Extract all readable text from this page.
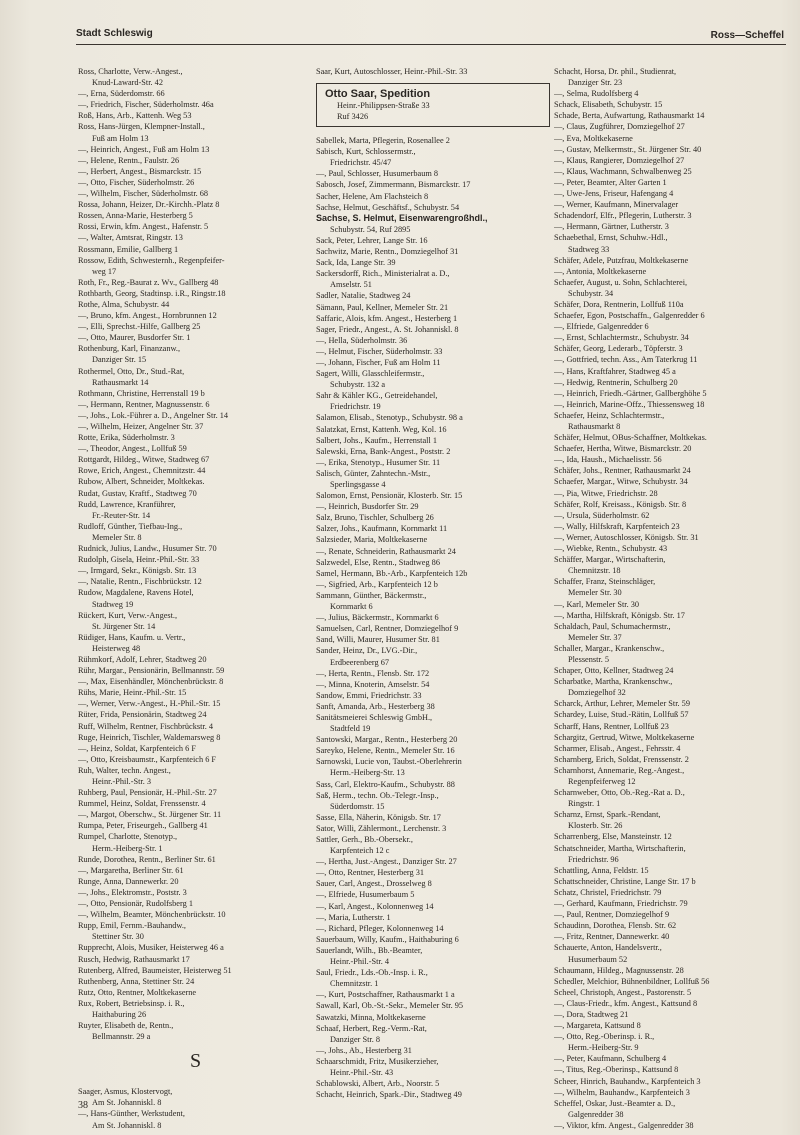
Stadt Schleswig	Ross—Scheffel
Ross, Charlotte, Verw.-Angest.,
Knud-Laward-Str. 42
—, Erna, Süderdomstr. 66
—, Friedrich, Fischer, Süderholmstr. 46a
Roß, Hans, Arb., Kattenh. Weg 53
Ross, Hans-Jürgen, Klempner-Install.,
Fuß am Holm 13
—, Heinrich, Angest., Fuß am Holm 13
—, Helene, Rentn., Faulstr. 26
—, Herbert, Angest., Bismarckstr. 15
—, Otto, Fischer, Süderholmstr. 26
—, Wilhelm, Fischer, Süderholmstr. 68
Rossa, Johann, Heizer, Dr.-Kirchh.-Platz 8
Rossen, Anna-Marie, Hesterberg 5
Rossi, Erwin, kfm. Angest., Hafenstr. 5
—, Walter, Amtsrat, Ringstr. 13
Rossmann, Emilie, Gallberg 1
Rossow, Edith, Schwesternh., Regenpfeifer-
weg 17
Roth, Fr., Reg.-Baurat z. Wv., Gallberg 48
Rothbarth, Georg, Stadtinsp. i.R., Ringstr.18
Rothe, Alma, Schubystr. 44
—, Bruno, kfm. Angest., Hornbrunnen 12
—, Elli, Sprechst.-Hilfe, Gallberg 25
—, Otto, Maurer, Busdorfer Str. 1
Rothenburg, Karl, Finanzanw.,
Danziger Str. 15
Rothermel, Otto, Dr., Stud.-Rat,
Rathausmarkt 14
Rothmann, Christine, Herrenstall 19 b
—, Hermann, Rentner, Magnussenstr. 6
—, Johs., Lok.-Führer a. D., Angelner Str. 14
—, Wilhelm, Heizer, Angelner Str. 37
Rotte, Erika, Süderholmstr. 3
—, Theodor, Angest., Lollfuß 59
Rottgardt, Hildeg., Witwe, Stadtweg 67
Rowe, Erich, Angest., Chemnitzstr. 44
Rubow, Albert, Schneider, Moltkekas.
Rudat, Gustav, Kraftf., Stadtweg 70
Rudd, Lawrence, Kranführer,
Fr.-Reuter-Str. 14
Rudloff, Günther, Tiefbau-Ing.,
Memeler Str. 8
Rudnick, Julius, Landw., Husumer Str. 70
Rudolph, Gisela, Heinr.-Phil.-Str. 33
—, Irmgard, Sekr., Königsb. Str. 13
—, Natalie, Rentn., Fischbrückstr. 12
Rudow, Magdalene, Ravens Hotel,
Stadtweg 19
Rückert, Kurt, Verw.-Angest.,
St. Jürgener Str. 14
Rüdiger, Hans, Kaufm. u. Vertr.,
Heisterweg 48
Rühmkorf, Adolf, Lehrer, Stadtweg 20
Rühr, Margar., Pensionärin, Bellmannstr. 59
—, Max, Eisenhändler, Mönchenbrückstr. 8
Rühs, Marie, Heinr.-Phil.-Str. 15
—, Werner, Verw.-Angest., H.-Phil.-Str. 15
Rüter, Frida, Pensionärin, Stadtweg 24
Ruff, Wilhelm, Rentner, Fischbrückstr. 4
Ruge, Heinrich, Tischler, Waldemarsweg 8
—, Heinz, Soldat, Karpfenteich 6 F
—, Otto, Kreisbaumstr., Karpfenteich 6 F
Ruh, Walter, techn. Angest.,
Heinr.-Phil.-Str. 3
Ruhberg, Paul, Pensionär, H.-Phil.-Str. 27
Rummel, Heinz, Soldat, Frenssenstr. 4
—, Margot, Oberschw., St. Jürgener Str. 11
Rumpa, Peter, Friseurgeh., Gallberg 41
Rumpel, Charlotte, Stenotyp.,
Herm.-Heiberg-Str. 1
Runde, Dorothea, Rentn., Berliner Str. 61
—, Margaretha, Berliner Str. 61
Runge, Anna, Dannewerkr. 20
—, Johs., Elektromstr., Poststr. 3
—, Otto, Pensionär, Rudolfsberg 1
—, Wilhelm, Beamter, Mönchenbrückstr. 10
Rupp, Emil, Fernm.-Bauhandw.,
Stettiner Str. 30
Rupprecht, Alois, Musiker, Heisterweg 46 a
Rusch, Hedwig, Rathausmarkt 17
Rutenberg, Alfred, Baumeister, Heisterweg 51
Ruthenberg, Anna, Stettiner Str. 24
Rutz, Otto, Rentner, Moltkekaserne
Rux, Robert, Betriebsinsp. i. R.,
Haithaburing 26
Ruyter, Elisabeth de, Rentn.,
Bellmannstr. 29 a
S
Saager, Asmus, Klostervogt,
Am St. Johanniskl. 8
—, Hans-Günther, Werkstudent,
Am St. Johanniskl. 8
Saar, Kurt, Autoschlosser, Heinr.-Phil.-Str. 33
Otto Saar, Spedition
Heinr.-Philippsen-Straße 33
Ruf 3426
Sabellek, Marta, Pflegerin, Rosenallee 2
Sabisch, Kurt, Schlossermstr.,
Friedrichstr. 45/47
—, Paul, Schlosser, Husumerbaum 8
Sabosch, Josef, Zimmermann, Bismarckstr. 17
Sacher, Helene, Am Flachsteich 8
Sachse, Helmut, Geschäftsf., Schubystr. 54
Sachse, S. Helmut, Eisenwarengroßhdl.,
Schubystr. 54, Ruf 2895
Sack, Peter, Lehrer, Lange Str. 16
Sachwitz, Marie, Rentn., Domziegelhof 31
Sack, Ida, Lange Str. 39
Sackersdorff, Rich., Ministerialrat a. D.,
Amselstr. 51
Sadler, Natalie, Stadtweg 24
Sämann, Paul, Kellner, Memeler Str. 21
Saffaric, Alois, kfm. Angest., Hesterberg 1
Sager, Friedr., Angest., A. St. Johanniskl. 8
—, Hella, Süderholmstr. 36
—, Helmut, Fischer, Süderholmstr. 33
—, Johann, Fischer, Fuß am Holm 11
Sagert, Willi, Glasschleifermstr.,
Schubystr. 132 a
Sahr & Kähler KG., Getreidehandel,
Friedrichstr. 19
Salamon, Elisab., Stenotyp., Schubystr. 98 a
Salatzkat, Ernst, Kattenh. Weg, Kol. 16
Salbert, Johs., Kaufm., Herrenstall 1
Salewski, Erna, Bank-Angest., Poststr. 2
—, Erika, Stenotyp., Husumer Str. 11
Salisch, Günter, Zahntechn.-Mstr.,
Sperlingsgasse 4
Salomon, Ernst, Pensionär, Klosterb. Str. 15
—, Heinrich, Busdorfer Str. 29
Salz, Bruno, Tischler, Schulberg 26
Salzer, Johs., Kaufmann, Kornmarkt 11
Salzsieder, Maria, Moltkekaserne
—, Renate, Schneiderin, Rathausmarkt 24
Salzwedel, Else, Rentn., Stadtweg 86
Samel, Hermann, Bb.-Arb., Karpfenteich 12b
—, Sigfried, Arb., Karpfenteich 12 b
Sammann, Günther, Bäckermstr.,
Kornmarkt 6
—, Julius, Bäckermstr., Kornmarkt 6
Samuelsen, Carl, Rentner, Domziegelhof 9
Sand, Willi, Maurer, Husumer Str. 81
Sander, Heinz, Dr., LVG.-Dir.,
Erdbeerenberg 67
—, Herta, Rentn., Flensb. Str. 172
—, Minna, Knoterin, Amselstr. 54
Sandow, Emmi, Friedrichstr. 33
Sanft, Amanda, Arb., Hesterberg 38
Sanitätsmeierei Schleswig GmbH.,
Stadtfeld 19
Santowski, Margar., Rentn., Hesterberg 20
Sareyko, Helene, Rentn., Memeler Str. 16
Sarnowski, Lucie von, Taubst.-Oberlehrerin
Herm.-Heiberg-Str. 13
Sass, Carl, Elektro-Kaufm., Schubystr. 88
Saß, Herm., techn. Ob.-Telegr.-Insp.,
Süderdomstr. 15
Sasse, Ella, Näherin, Königsb. Str. 17
Sator, Willi, Zählermont., Lerchenstr. 3
Sattler, Gerh., Bb.-Obersekr.,
Karpfenteich 12 c
—, Hertha, Just.-Angest., Danziger Str. 27
—, Otto, Rentner, Hesterberg 31
Sauer, Carl, Angest., Drosselweg 8
—, Elfriede, Husumerbaum 5
—, Karl, Angest., Kolonnenweg 14
—, Maria, Lutherstr. 1
—, Richard, Pfleger, Kolonnenweg 14
Sauerbaum, Willy, Kaufm., Haithaburing 6
Sauerlandt, Wilh., Bb.-Beamter,
Heinr.-Phil.-Str. 4
Saul, Friedr., Lds.-Ob.-Insp. i. R.,
Chemnitzstr. 1
—, Kurt, Postschaffner, Rathausmarkt 1 a
Sawall, Karl, Ob.-St.-Sekr., Memeler Str. 95
Sawatzki, Minna, Moltkekaserne
Schaaf, Herbert, Reg.-Verm.-Rat,
Danziger Str. 8
—, Johs., Ab., Hesterberg 31
Schaarschmidt, Fritz, Musikerzieher,
Heinr.-Phil.-Str. 43
Schablowski, Albert, Arb., Noorstr. 5
Schacht, Heinrich, Spark.-Dir., Stadtweg 49
Schacht, Horsa, Dr. phil., Studienrat,
Danziger Str. 23
—, Selma, Rudolfsberg 4
Schack, Elisabeth, Schubystr. 15
Schade, Berta, Aufwartung, Rathausmarkt 14
—, Claus, Zugführer, Domziegelhof 27
—, Eva, Moltkekaserne
—, Gustav, Melkermstr., St. Jürgener Str. 40
—, Klaus, Rangierer, Domziegelhof 27
—, Klaus, Wachmann, Schwalbenweg 25
—, Peter, Beamter, Alter Garten 1
—, Uwe-Jens, Friseur, Hafengang 4
—, Werner, Kaufmann, Minervalager
Schadendorf, Elfr., Pflegerin, Lutherstr. 3
—, Hermann, Gärtner, Lutherstr. 3
Schaebethal, Ernst, Schuhw.-Hdl.,
Stadtweg 33
Schäfer, Adele, Putzfrau, Moltkekaserne
—, Antonia, Moltkekaserne
Schaefer, August, u. Sohn, Schlachterei,
Schubystr. 34
Schäfer, Dora, Rentnerin, Lollfuß 110a
Schaefer, Egon, Postschaffn., Galgenredder 6
—, Elfriede, Galgenredder 6
—, Ernst, Schlachtermstr., Schubystr. 34
Schäfer, Georg, Lederarb., Töpferstr. 3
—, Gottfried, techn. Ass., Am Taterkrug 11
—, Hans, Kraftfahrer, Stadtweg 45 a
—, Hedwig, Rentnerin, Schulberg 20
—, Heinrich, Friedh.-Gärtner, Gallberghöhe 5
—, Heinrich, Marine-Offz., Thiessensweg 18
Schaefer, Heinz, Schlachtermstr.,
Rathausmarkt 8
Schäfer, Helmut, OBus-Schaffner, Moltkekas.
Schaefer, Hertha, Witwe, Bismarckstr. 20
—, Ida, Haush., Michaelisstr. 56
Schäfer, Johs., Rentner, Rathausmarkt 24
Schaefer, Margar., Witwe, Schubystr. 34
—, Pia, Witwe, Friedrichstr. 28
Schäfer, Rolf, Kreisass., Königsb. Str. 8
—, Ursula, Süderholmstr. 62
—, Wally, Hilfskraft, Karpfenteich 23
—, Werner, Autoschlosser, Königsb. Str. 31
—, Wiebke, Rentn., Schubystr. 43
Schäffer, Margar., Wirtschafterin,
Chemnitzstr. 18
Schaffer, Franz, Steinschläger,
Memeler Str. 30
—, Karl, Memeler Str. 30
—, Martha, Hilfskraft, Königsb. Str. 17
Schaldach, Paul, Schumachermstr.,
Memeler Str. 37
Schaller, Margar., Krankenschw.,
Plessenstr. 5
Schaper, Otto, Kellner, Stadtweg 24
Scharbatke, Martha, Krankenschw.,
Domziegelhof 32
Scharck, Arthur, Lehrer, Memeler Str. 59
Schardey, Luise, Stud.-Rätin, Lollfuß 57
Scharff, Hans, Rentner, Lollfuß 23
Schargitz, Gertrud, Witwe, Moltkekaserne
Scharmer, Elisab., Angest., Fehrsstr. 4
Scharnberg, Erich, Soldat, Frenssenstr. 2
Scharnhorst, Annemarie, Reg.-Angest.,
Regenpfeiferweg 12
Scharnweber, Otto, Ob.-Reg.-Rat a. D.,
Ringstr. 1
Scharnz, Ernst, Spark.-Rendant,
Klosterb. Str. 26
Scharrenberg, Else, Mansteinstr. 12
Schatschneider, Martha, Wirtschafterin,
Friedrichstr. 96
Schattling, Anna, Feldstr. 15
Schattschneider, Christine, Lange Str. 17 b
Schatz, Christel, Friedrichstr. 79
—, Gerhard, Kaufmann, Friedrichstr. 79
—, Paul, Rentner, Domziegelhof 9
Schaudinn, Dorothea, Flensb. Str. 62
—, Fritz, Rentner, Dannewerkr. 40
Schauerte, Anton, Handelsvertr.,
Husumerbaum 52
Schaumann, Hildeg., Magnussenstr. 28
Schedler, Melchior, Bühnenbildner, Lollfuß 56
Scheel, Christoph, Angest., Pastorenstr. 5
—, Claus-Friedr., kfm. Angest., Kattsund 8
—, Dora, Stadtweg 21
—, Margareta, Kattsund 8
—, Otto, Reg.-Oberinsp. i. R.,
Herm.-Heiberg-Str. 9
—, Peter, Kaufmann, Schulberg 4
—, Titus, Reg.-Oberinsp., Kattsund 8
Scheer, Hinrich, Bauhandw., Karpfenteich 3
—, Wilhelm, Bauhandw., Karpfenteich 3
Scheffel, Oskar, Just.-Beamter a. D.,
Galgenredder 38
—, Viktor, kfm. Angest., Galgenredder 38
38
